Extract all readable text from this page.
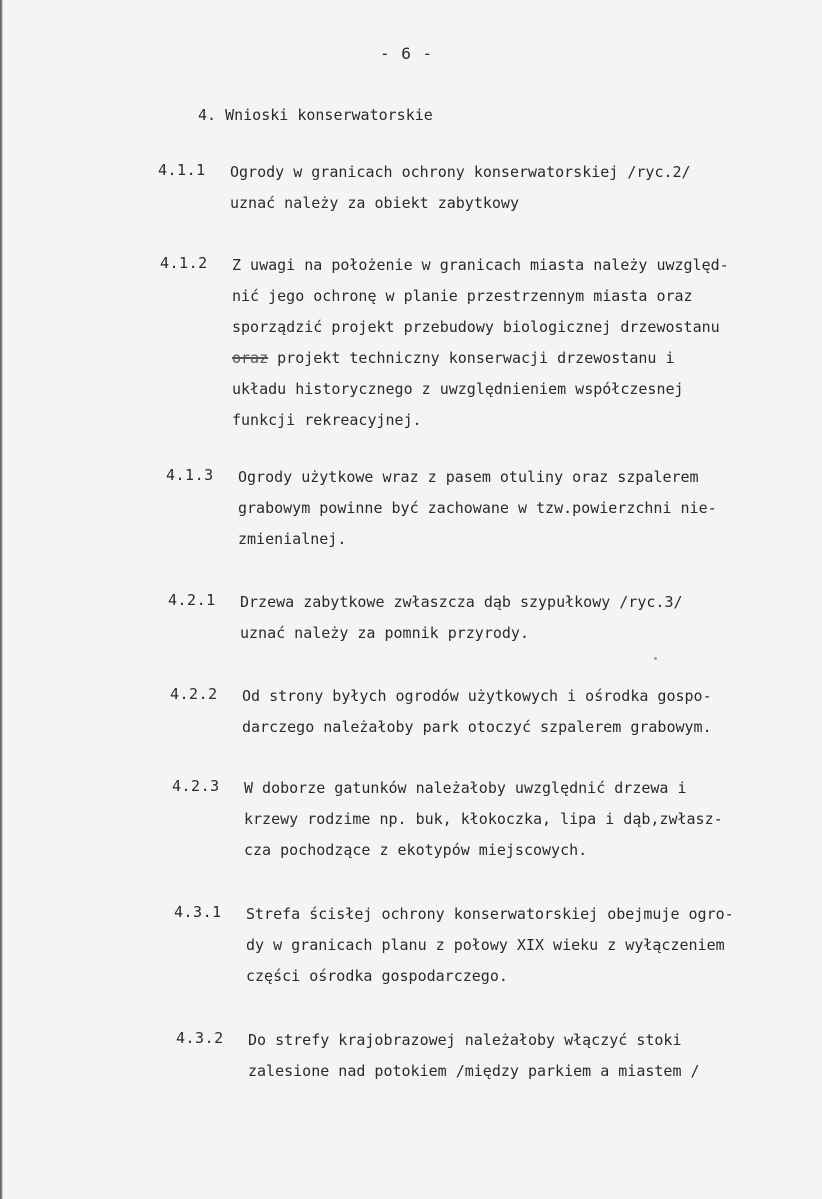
- 6 -
4. Wnioski konserwatorskie
4.1.1 Ogrody w granicach ochrony konserwatorskiej /ryc.2/
uznać należy za obiekt zabytkowy
4.1.2 Z uwagi na położenie w granicach miasta należy uwzględ-
nić jego ochronę w planie przestrzennym miasta oraz
sporządzić projekt przebudowy biologicznej drzewostanu
oraz projekt techniczny konserwacji drzewostanu i
układu historycznego z uwzględnieniem współczesnej
funkcji rekreacyjnej.
4.1.3 Ogrody użytkowe wraz z pasem otuliny oraz szpalerem
grabowym powinne być zachowane w tzw.powierzchni nie-
zmienialnej.
4.2.1 Drzewa zabytkowe zwłaszcza dąb szypułkowy /ryc.3/
uznać należy za pomnik przyrody.
4.2.2 Od strony byłych ogrodów użytkowych i ośrodka gospo-
darczego należałoby park otoczyć szpalerem grabowym.
4.2.3 W doborze gatunków należałoby uwzględnić drzewa i
krzewy rodzime np. buk, kłokoczka, lipa i dąb,zwłasz-
cza pochodzące z ekotypów miejscowych.
4.3.1 Strefa ścisłej ochrony konserwatorskiej obejmuje ogro-
dy w granicach planu z połowy XIX wieku z wyłączeniem
części ośrodka gospodarczego.
4.3.2 Do strefy krajobrazowej należałoby włączyć stoki
zalesione nad potokiem /między parkiem a miastem /
